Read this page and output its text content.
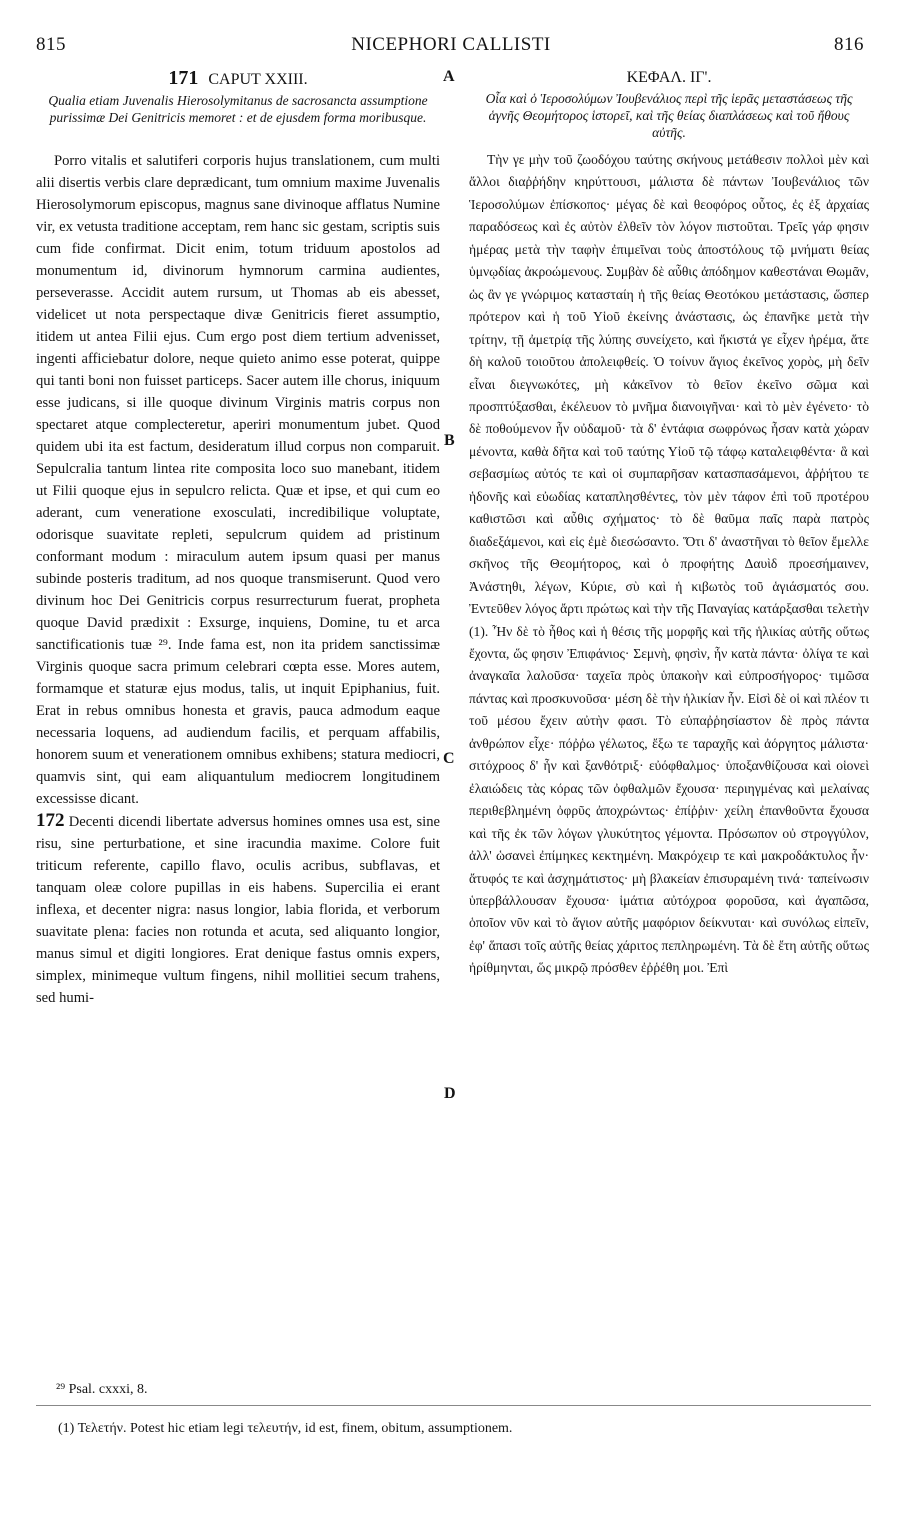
815	NICEPHORI CALLISTI	816
171 CAPUT XXIII.
Qualia etiam Juvenalis Hierosolymitanus de sacrosancta assumptione purissimæ Dei Genitricis memoret : et de ejusdem forma moribusque.
Porro vitalis et salutiferi corporis hujus translationem, cum multi alii disertis verbis clare deprædicant, tum omnium maxime Juvenalis Hierosolymorum episcopus, magnus sane divinoque afflatus Numine vir, ex vetusta traditione acceptam, rem hanc sic gestam, scriptis suis cum fide confirmat. Dicit enim, totum triduum apostolos ad monumentum id, divinorum hymnorum carmina audientes, perseverasse. Accidit autem rursum, ut Thomas ab eis abesset, videlicet ut nota perspectaque divæ Genitricis fieret assumptio, itidem ut antea Filii ejus. Cum ergo post diem tertium advenisset, ingenti afficiebatur dolore, neque quieto animo esse poterat, quippe qui tanti boni non fuisset particeps. Sacer autem ille chorus, iniquum esse judicans, si ille quoque divinum Virginis matris corpus non spectaret atque complecteretur, aperiri monumentum jubet. Quod quidem ubi ita est factum, desideratum illud corpus non comparuit. Sepulcralia tantum lintea rite composita loco suo manebant, itidem ut Filii quoque ejus in sepulcro relicta. Quæ et ipse, et qui cum eo aderant, cum veneratione exosculati, incredibilique voluptate, odorisque suavitate repleti, sepulcrum quidem ad pristinum conformant modum : miraculum autem ipsum quasi per manus subinde posteris traditum, ad nos quoque transmiserunt. Quod vero divinum hoc Dei Genitricis corpus resurrecturum fuerat, propheta quoque David prædixit : Exsurge, inquiens, Domine, tu et arca sanctificationis tuæ ²⁹. Inde fama est, non ita pridem sanctissimæ Virginis quoque sacra primum celebrari cœpta esse. Mores autem, formamque et staturæ ejus modus, talis, ut inquit Epiphanius, fuit. Erat in rebus omnibus honesta et gravis, pauca admodum eaque necessaria loquens, ad audiendum facilis, et perquam affabilis, honorem suum et venerationem omnibus exhibens; statura mediocri, quamvis sint, qui eam aliquantulum mediocrem longitudinem excessisse dicant.
172 Decenti dicendi libertate adversus homines omnes usa est, sine risu, sine perturbatione, et sine iracundia maxime. Colore fuit triticum referente, capillo flavo, oculis acribus, subflavas, et tanquam oleæ colore pupillas in eis habens. Supercilia ei erant inflexa, et decenter nigra: nasus longior, labia florida, et verborum suavitate plena: facies non rotunda et acuta, sed aliquanto longior, manus simul et digiti longiores. Erat denique fastus omnis expers, simplex, minimeque vultum fingens, nihil mollitiei secum trahens, sed humi-
ΚΕΦΑΛ. ΙΓ'.
Οἷα καὶ ὁ Ἱεροσολύμων Ἰουβενάλιος περὶ τῆς ἱερᾶς μεταστάσεως τῆς ἁγνῆς Θεομήτορος ἱστορεῖ, καὶ τῆς θείας διαπλάσεως καὶ τοῦ ἤθους αὐτῆς.
Τὴν γε μὴν τοῦ ζωοδόχου ταύτης σκήνους μετάθεσιν πολλοὶ μὲν καὶ ἄλλοι διαῤῥήδην κηρύττουσι, μάλιστα δὲ πάντων Ἰουβενάλιος τῶν Ἱεροσολύμων ἐπίσκοπος· μέγας δὲ καὶ θεοφόρος οὗτος, ἐς ἐξ ἀρχαίας παραδόσεως καὶ ἐς αὐτὸν ἐλθεῖν τὸν λόγον πιστοῦται. Τρεῖς γάρ φησιν ἡμέρας μετὰ τὴν ταφὴν ἐπιμεῖναι τοὺς ἀποστόλους τῷ μνήματι θείας ὑμνῳδίας ἀκροώμενους. Συμβὰν δὲ αὖθις ἀπόδημον καθεστάναι Θωμᾶν, ὡς ἂν γε γνώριμος κατασταίη ἡ τῆς θείας Θεοτόκου μετάστασις, ὥσπερ πρότερον καὶ ἡ τοῦ Υἱοῦ ἐκείνης ἀνάστασις, ὡς ἐπανῆκε μετὰ τὴν τρίτην, τῇ ἀμετρίᾳ τῆς λύπης συνείχετο, καὶ ἥκιστά γε εἶχεν ἠρέμα, ἅτε δὴ καλοῦ τοιοῦτου ἀπολειφθείς. Ὁ τοίνυν ἅγιος ἐκεῖνος χορὸς, μὴ δεῖν εἶναι διεγνωκότες, μὴ κἀκεῖνον τὸ θεῖον ἐκεῖνο σῶμα καὶ προσπτύξασθαι, ἐκέλευον τὸ μνῆμα διανοιγῆναι· καὶ τὸ μὲν ἐγένετο· τὸ δὲ ποθούμενον ἦν οὐδαμοῦ· τὰ δ' ἐντάφια σωφρόνως ἦσαν κατὰ χώραν μένοντα, καθὰ δῆτα καὶ τοῦ ταύτης Υἱοῦ τῷ τάφῳ καταλειφθέντα· ἃ καὶ σεβασμίως αὐτός τε καὶ οἱ συμπαρῆσαν κατασπασάμενοι, ἀῤῥήτου τε ἡδονῆς καὶ εὐωδίας καταπλησθέντες, τὸν μὲν τάφον ἐπὶ τοῦ προτέρου καθιστῶσι καὶ αὖθις σχήματος· τὸ δὲ θαῦμα παῖς παρὰ πατρὸς διαδεξάμενοι, καὶ εἰς ἐμὲ διεσώσαντο. Ὅτι δ' ἀναστῆναι τὸ θεῖον ἔμελλε σκῆνος τῆς Θεομήτορος, καὶ ὁ προφήτης Δαυὶδ προεσήμαινεν, Ἀνάστηθι, λέγων, Κύριε, σὺ καὶ ἡ κιβωτὸς τοῦ ἁγιάσματός σου. Ἐντεῦθεν λόγος ἄρτι πρώτως καὶ τὴν τῆς Παναγίας κατάρξασθαι τελετὴν (1). Ἦν δὲ τὸ ἦθος καὶ ἡ θέσις τῆς μορφῆς καὶ τῆς ἡλικίας αὐτῆς οὕτως ἔχοντα, ὥς φησιν Ἐπιφάνιος· Σεμνὴ, φησὶν, ἦν κατὰ πάντα· ὀλίγα τε καὶ ἀναγκαῖα λαλοῦσα· ταχεῖα πρὸς ὑπακοὴν καὶ εὐπροσήγορος· τιμῶσα πάντας καὶ προσκυνοῦσα· μέση δὲ τὴν ἡλικίαν ἦν. Εἰσὶ δὲ οἱ καὶ πλέον τι τοῦ μέσου ἔχειν αὐτὴν φασι. Τὸ εὐπαῤῥησίαστον δὲ πρὸς πάντα ἀνθρώπον εἶχε· πόῤῥω γέλωτος, ἔξω τε ταραχῆς καὶ ἀόργητος μάλιστα· σιτόχροος δ' ἦν καὶ ξανθότριξ· εὐόφθαλμος· ὑποξανθίζουσα καὶ οἱονεὶ ἐλαιώδεις τὰς κόρας τῶν ὀφθαλμῶν ἔχουσα· περιηγμένας καὶ μελαίνας περιθεβλημένη ὀφρῦς ἀποχρώντως· ἐπίῤῥιν· χείλη ἐπανθοῦντα ἔχουσα καὶ τῆς ἐκ τῶν λόγων γλυκύτητος γέμοντα. Πρόσωπον οὐ στρογγύλον, ἀλλ' ὡσανεὶ ἐπίμηκες κεκτημένη. Μακρόχειρ τε καὶ μακροδάκτυλος ἦν· ἄτυφός τε καὶ ἀσχημάτιστος· μὴ βλακείαν ἐπισυραμένη τινά· ταπείνωσιν ὑπερβάλλουσαν ἔχουσα· ἱμάτια αὐτόχροα φοροῦσα, καὶ ἀγαπῶσα, ὁποῖον νῦν καὶ τὸ ἅγιον αὐτῆς μαφόριον δείκνυται· καὶ συνόλως εἰπεῖν, ἐφ' ἅπασι τοῖς αὐτῆς θείας χάριτος πεπληρωμένη. Τὰ δὲ ἔτη αὐτῆς οὕτως ἠρίθμηνται, ὥς μικρῷ πρόσθεν ἐῤῥέθη μοι. Ἐπὶ
A
B
C
D
²⁹ Psal. cxxxi, 8.
(1) Τελετήν. Potest hic etiam legi τελευτήν, id est, finem, obitum, assumptionem.
